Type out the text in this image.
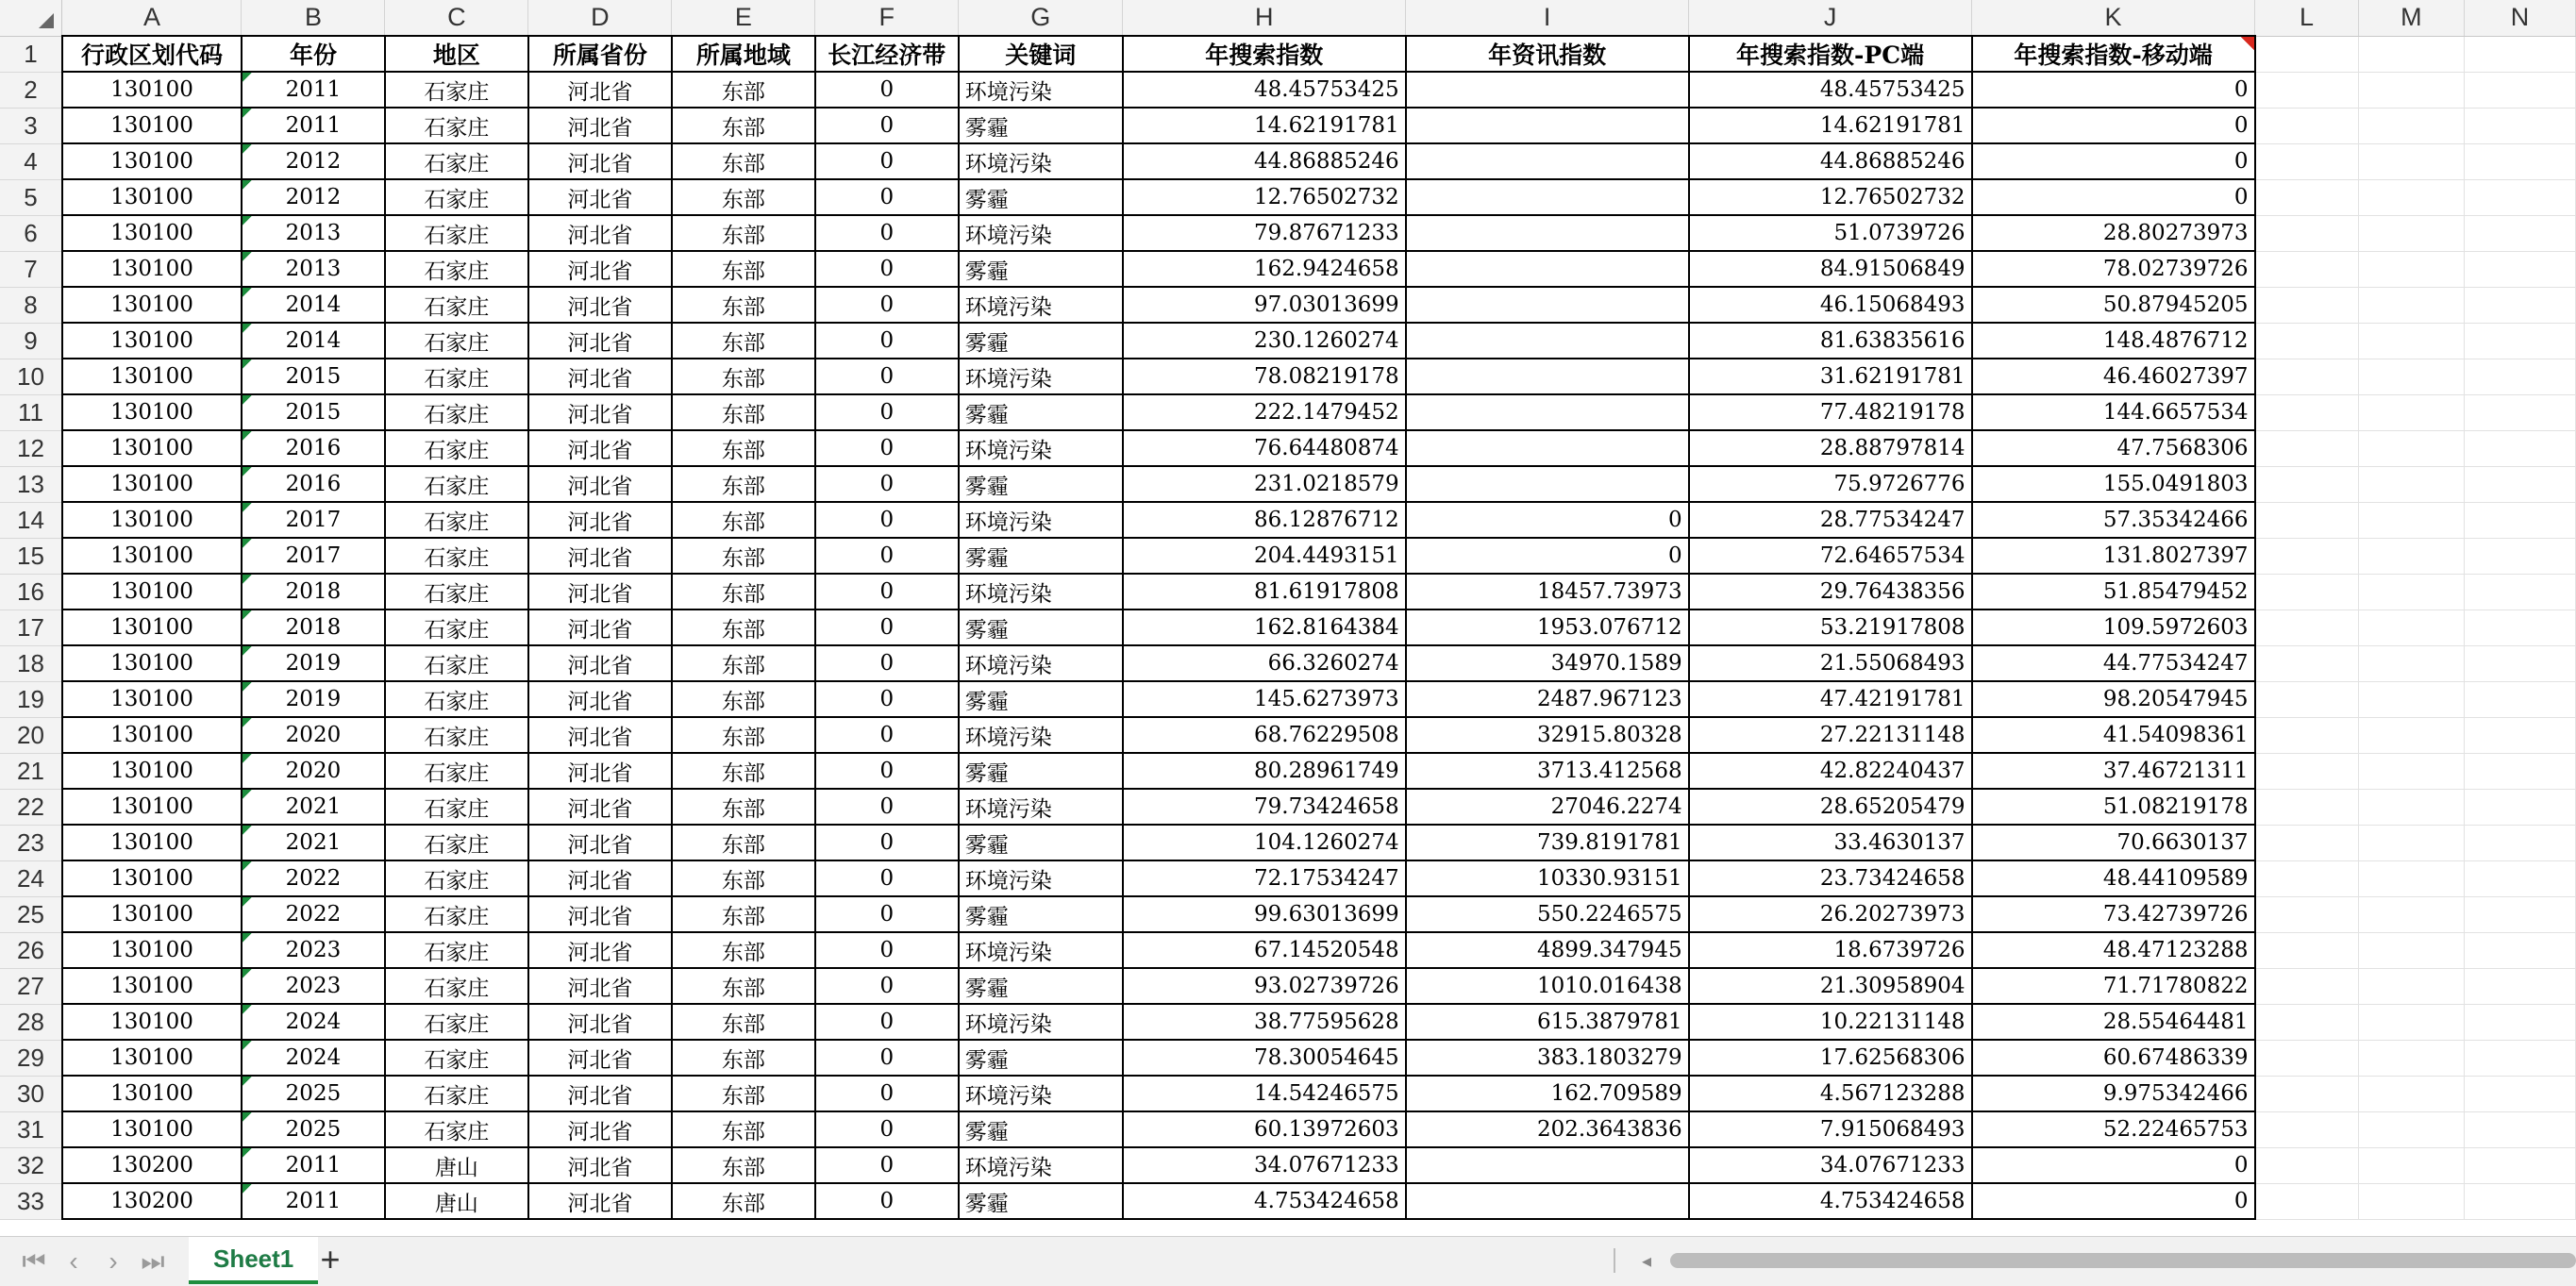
	A	B	C	D	E	F	G	H	I	J	K	L	M	N
1	行政区划代码	年份	地区	所属省份	所属地域	长江经济带	关键词	年搜索指数	年资讯指数	年搜索指数-PC端	年搜索指数-移动端			
2	130100	2011	石家庄	河北省	东部	0	环境污染	48.45753425		48.45753425	0			
3	130100	2011	石家庄	河北省	东部	0	雾霾	14.62191781		14.62191781	0			
4	130100	2012	石家庄	河北省	东部	0	环境污染	44.86885246		44.86885246	0			
5	130100	2012	石家庄	河北省	东部	0	雾霾	12.76502732		12.76502732	0			
6	130100	2013	石家庄	河北省	东部	0	环境污染	79.87671233		51.0739726	28.80273973			
7	130100	2013	石家庄	河北省	东部	0	雾霾	162.9424658		84.91506849	78.02739726			
8	130100	2014	石家庄	河北省	东部	0	环境污染	97.03013699		46.15068493	50.87945205			
9	130100	2014	石家庄	河北省	东部	0	雾霾	230.1260274		81.63835616	148.4876712			
10	130100	2015	石家庄	河北省	东部	0	环境污染	78.08219178		31.62191781	46.46027397			
11	130100	2015	石家庄	河北省	东部	0	雾霾	222.1479452		77.48219178	144.6657534			
12	130100	2016	石家庄	河北省	东部	0	环境污染	76.64480874		28.88797814	47.7568306			
13	130100	2016	石家庄	河北省	东部	0	雾霾	231.0218579		75.9726776	155.0491803			
14	130100	2017	石家庄	河北省	东部	0	环境污染	86.12876712	0	28.77534247	57.35342466			
15	130100	2017	石家庄	河北省	东部	0	雾霾	204.4493151	0	72.64657534	131.8027397			
16	130100	2018	石家庄	河北省	东部	0	环境污染	81.61917808	18457.73973	29.76438356	51.85479452			
17	130100	2018	石家庄	河北省	东部	0	雾霾	162.8164384	1953.076712	53.21917808	109.5972603			
18	130100	2019	石家庄	河北省	东部	0	环境污染	66.3260274	34970.1589	21.55068493	44.77534247			
19	130100	2019	石家庄	河北省	东部	0	雾霾	145.6273973	2487.967123	47.42191781	98.20547945			
20	130100	2020	石家庄	河北省	东部	0	环境污染	68.76229508	32915.80328	27.22131148	41.54098361			
21	130100	2020	石家庄	河北省	东部	0	雾霾	80.28961749	3713.412568	42.82240437	37.46721311			
22	130100	2021	石家庄	河北省	东部	0	环境污染	79.73424658	27046.2274	28.65205479	51.08219178			
23	130100	2021	石家庄	河北省	东部	0	雾霾	104.1260274	739.8191781	33.4630137	70.6630137			
24	130100	2022	石家庄	河北省	东部	0	环境污染	72.17534247	10330.93151	23.73424658	48.44109589			
25	130100	2022	石家庄	河北省	东部	0	雾霾	99.63013699	550.2246575	26.20273973	73.42739726			
26	130100	2023	石家庄	河北省	东部	0	环境污染	67.14520548	4899.347945	18.6739726	48.47123288			
27	130100	2023	石家庄	河北省	东部	0	雾霾	93.02739726	1010.016438	21.30958904	71.71780822			
28	130100	2024	石家庄	河北省	东部	0	环境污染	38.77595628	615.3879781	10.22131148	28.55464481			
29	130100	2024	石家庄	河北省	东部	0	雾霾	78.30054645	383.1803279	17.62568306	60.67486339			
30	130100	2025	石家庄	河北省	东部	0	环境污染	14.54246575	162.709589	4.567123288	9.975342466			
31	130100	2025	石家庄	河北省	东部	0	雾霾	60.13972603	202.3643836	7.915068493	52.22465753			
32	130200	2011	唐山	河北省	东部	0	环境污染	34.07671233		34.07671233	0			
33	130200	2011	唐山	河北省	东部	0	雾霾	4.753424658		4.753424658	0			
⏮ ‹	› ⏭	Sheet1 +	◂
